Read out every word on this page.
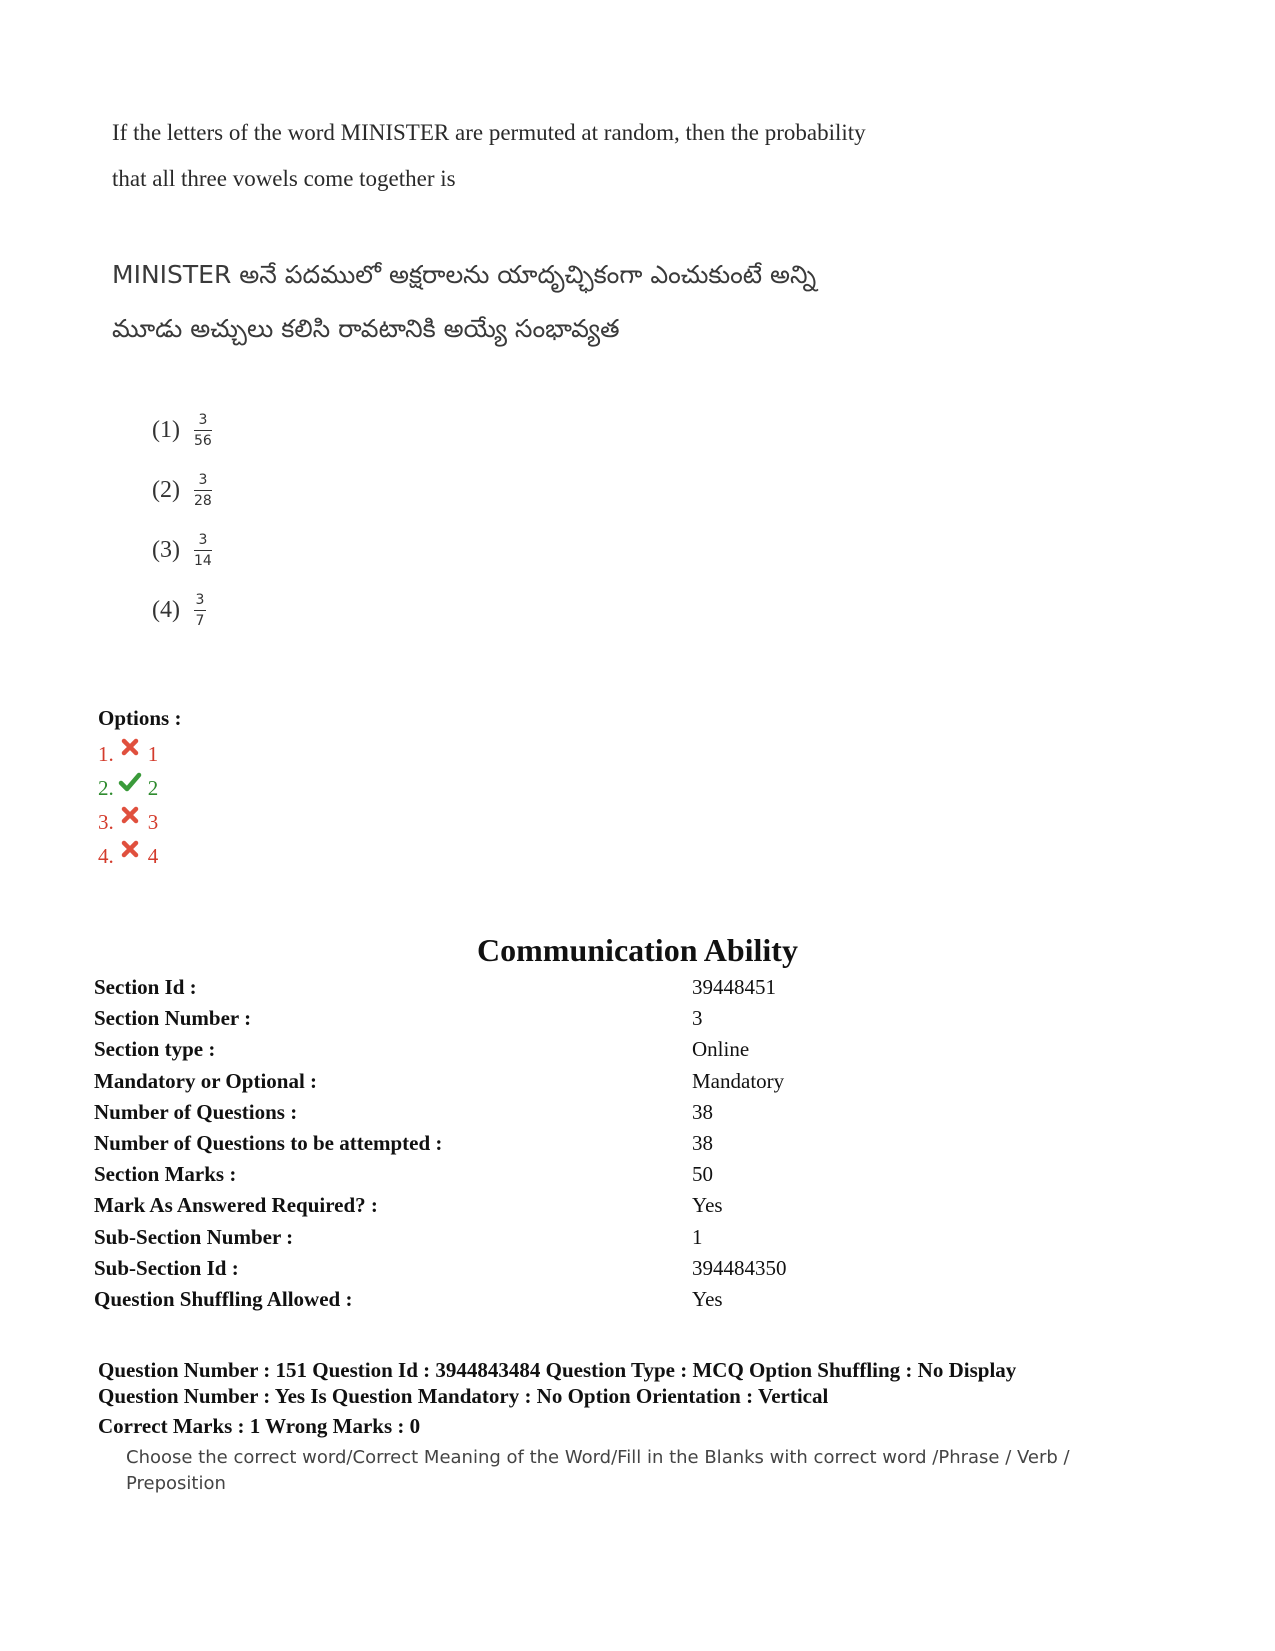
If the letters of the word MINISTER are permuted at random, then the probability
that all three vowels come together is
MINISTER అనే పదములో అక్షరాలను యాదృచ్ఛికంగా ఎంచుకుంటే అన్ని
మూడు అచ్చులు కలిసి రావటానికి అయ్యే సంభావ్యత
(1)	$\frac{3}{56}$
(2)	$\frac{3}{28}$
(3)	$\frac{3}{14}$
(4)	$\frac{3}{7}$
Options :
1. 1
2. 2
3. 3
4. 4
Communication Ability
Section Id :	39448451
Section Number :	3
Section type :	Online
Mandatory or Optional :	Mandatory
Number of Questions :	38
Number of Questions to be attempted :	38
Section Marks :	50
Mark As Answered Required? :	Yes
Sub-Section Number :	1
Sub-Section Id :	394484350
Question Shuffling Allowed :	Yes

Question Number : 151 Question Id : 3944843484 Question Type : MCQ Option Shuffling : No Display

Question Number : Yes Is Question Mandatory : No Option Orientation : Vertical

Correct Marks : 1 Wrong Marks : 0

Choose the correct word/Correct Meaning of the Word/Fill in the Blanks with correct word /Phrase / Verb /
Preposition
